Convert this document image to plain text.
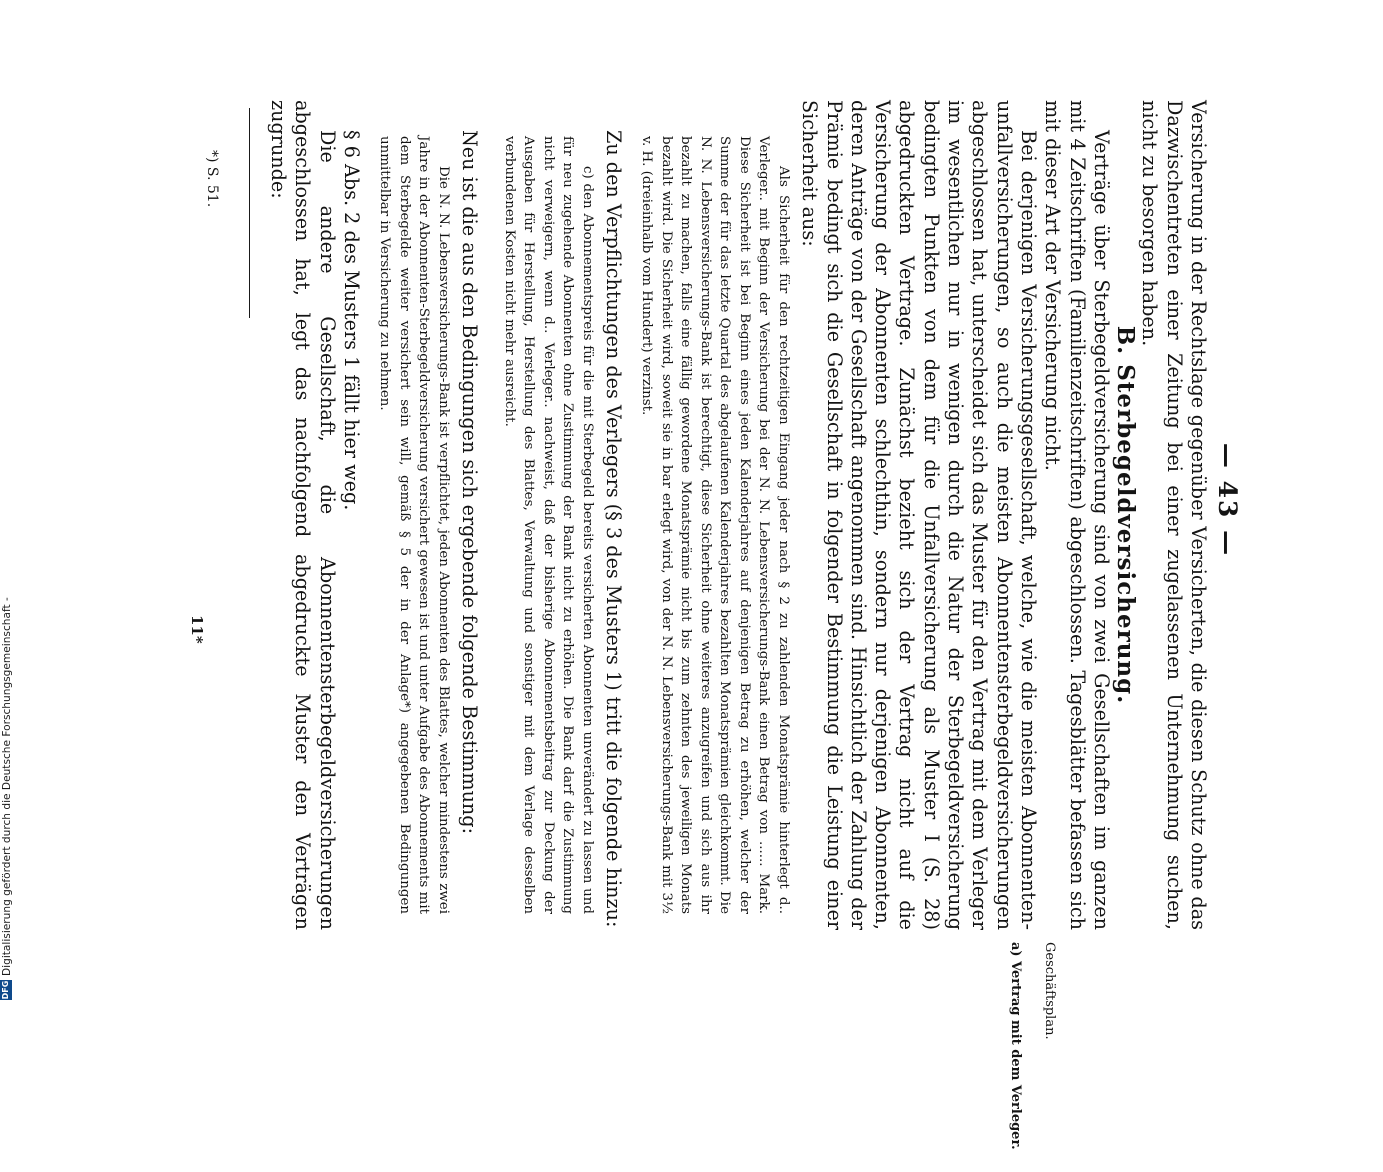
— 43 —
Geschäftsplan.
a) Vertrag mit dem Verleger.

Versicherung in der Rechtslage gegenüber Versicherten, die diesen Schutz ohne das Dazwischentreten einer Zeitung bei einer zugelassenen Unternehmung suchen, nicht zu besorgen haben.

B. Sterbegeldversicherung.

Verträge über Sterbegeldversicherung sind von zwei Gesellschaften im ganzen mit 4 Zeitschriften (Familienzeitschriften) abgeschlossen. Tagesblätter befassen sich mit dieser Art der Versicherung nicht.

Bei derjenigen Versicherungsgesellschaft, welche, wie die meisten Abonnenten-unfallversicherungen, so auch die meisten Abonnentensterbegeldversicherungen abgeschlossen hat, unterscheidet sich das Muster für den Vertrag mit dem Verleger im wesentlichen nur in wenigen durch die Natur der Sterbegeldversicherung bedingten Punkten von dem für die Unfallversicherung als Muster I (S. 28) abgedruckten Vertrage. Zunächst bezieht sich der Vertrag nicht auf die Versicherung der Abonnenten schlechthin, sondern nur derjenigen Abonnenten, deren Anträge von der Gesellschaft angenommen sind. Hinsichtlich der Zahlung der Prämie bedingt sich die Gesellschaft in folgender Bestimmung die Leistung einer Sicherheit aus:

Als Sicherheit für den rechtzeitigen Eingang jeder nach § 2 zu zahlenden Monatsprämie hinterlegt d.. Verleger.. mit Beginn der Versicherung bei der N. N. Lebensversicherungs-Bank einen Betrag von ...... Mark. Diese Sicherheit ist bei Beginn eines jeden Kalenderjahres auf denjenigen Betrag zu erhöhen, welcher der Summe der für das letzte Quartal des abgelaufenen Kalenderjahres bezahlten Monatsprämien gleichkommt. Die N. N. Lebensversicherungs-Bank ist berechtigt, diese Sicherheit ohne weiteres anzugreifen und sich aus ihr bezahlt zu machen, falls eine fällig gewordene Monatsprämie nicht bis zum zehnten des jeweiligen Monats bezahlt wird. Die Sicherheit wird, soweit sie in bar erlegt wird, von der N. N. Lebensversicherungs-Bank mit 3½ v. H. (dreieinhalb vom Hundert) verzinst.

Zu den Verpflichtungen des Verlegers (§ 3 des Musters 1) tritt die folgende hinzu:

c) den Abonnementspreis für die mit Sterbegeld bereits versicherten Abonnenten unverändert zu lassen und für neu zugehende Abonnenten ohne Zustimmung der Bank nicht zu erhöhen. Die Bank darf die Zustimmung nicht verweigern, wenn d.. Verleger.. nachweist, daß der bisherige Abonnementsbeitrag zur Deckung der Ausgaben für Herstellung, Herstellung des Blattes, Verwaltung und sonstiger mit dem Verlage desselben verbundenen Kosten nicht mehr ausreicht.

Neu ist die aus den Bedingungen sich ergebende folgende Bestimmung:

Die N. N. Lebensversicherungs-Bank ist verpflichtet, jeden Abonnenten des Blattes, welcher mindestens zwei Jahre in der Abonnenten-Sterbegeldversicherung versichert gewesen ist und unter Aufgabe des Abonnements mit dem Sterbegelde weiter versichert sein will, gemäß § 5 der in der Anlage*) angegebenen Bedingungen unmittelbar in Versicherung zu nehmen.

§ 6 Abs. 2 des Musters 1 fällt hier weg.

Die andere Gesellschaft, die Abonnentensterbegeldversicherungen abgeschlossen hat, legt das nachfolgend abgedruckte Muster den Verträgen zugrunde:

*) S. 51.
11*
DFGDigitalisierung gefördert durch die Deutsche Forschungsgemeinschaft -
